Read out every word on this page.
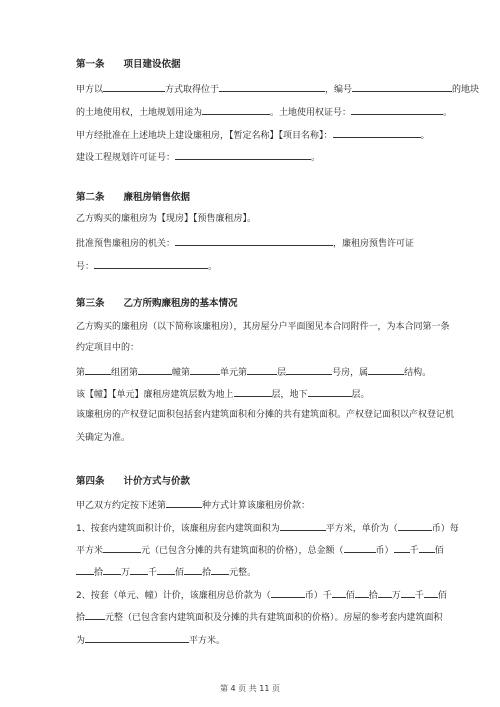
第一条　　项目建设依据
甲方以	方式取得位于	，编号	的地块
的土地使用权，土地规划用途为	。土地使用权证号：	。
甲方经批准在上述地块上建设廉租房，【暂定名称】【项目名称】：	。
建设工程规划许可证号：	。
第二条　　廉租房销售依据
乙方购买的廉租房为【现房】【预售廉租房】。
批准预售廉租房的机关：	，廉租房预售许可证
号：	。
第三条　　乙方所购廉租房的基本情况
乙方购买的廉租房（以下简称该廉租房），其房屋分户平面图见本合同附件一，为本合同第一条
约定项目中的：
第	组团第	幢第	单元第	层	号房，属	结构。
该【幢】【单元】廉租房建筑层数为地上	层，地下	层。
该廉租房的产权登记面积包括套内建筑面积和分摊的共有建筑面积。产权登记面积以产权登记机
关确定为准。
第四条　　计价方式与价款
甲乙双方约定按下述第	种方式计算该廉租房价款：
1、按套内建筑面积计价，该廉租房套内建筑面积为	平方米，单价为（	币）每
平方米	元（已包含分摊的共有建筑面积的价格），总金额（	币） 千 佰
拾 万 千 佰 拾 元整。
2、按套（单元、幢）计价，该廉租房总价款为（	币）千 佰 拾 万 千 佰
拾 元整（已包含套内建筑面积及分摊的共有建筑面积的价格）。房屋的参考套内建筑面积
为	平方米。
第 4 页 共 11 页
